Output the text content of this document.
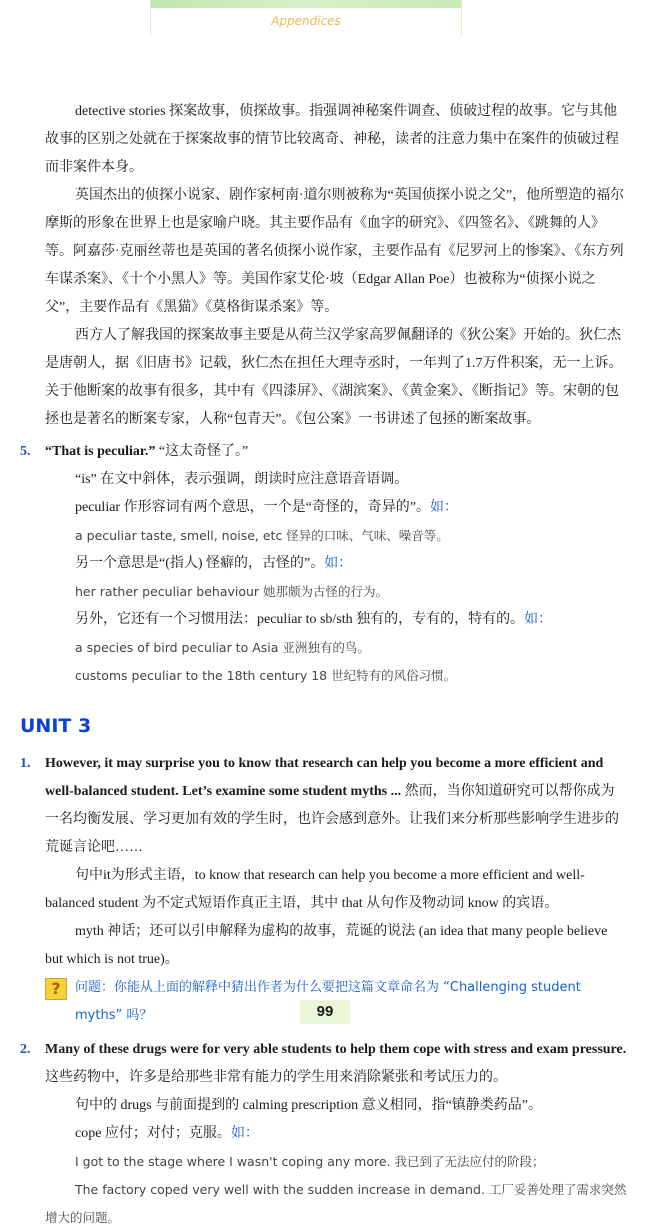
Appendices

detective stories 探案故事，侦探故事。指强调神秘案件调查、侦破过程的故事。它与其他故事的区别之处就在于探案故事的情节比较离奇、神秘，读者的注意力集中在案件的侦破过程而非案件本身。

英国杰出的侦探小说家、剧作家柯南·道尔则被称为“英国侦探小说之父”，他所塑造的福尔摩斯的形象在世界上也是家喻户晓。其主要作品有《血字的研究》、《四签名》、《跳舞的人》等。阿嘉莎·克丽丝蒂也是英国的著名侦探小说作家，主要作品有《尼罗河上的惨案》、《东方列车谋杀案》、《十个小黑人》等。美国作家艾伦·坡（Edgar Allan Poe）也被称为“侦探小说之父”，主要作品有《黑猫》《莫格街谋杀案》等。

西方人了解我国的探案故事主要是从荷兰汉学家高罗佩翻译的《狄公案》开始的。狄仁杰是唐朝人，据《旧唐书》记载，狄仁杰在担任大理寺丞时，一年判了1.7万件积案，无一上诉。关于他断案的故事有很多，其中有《四漆屏》、《湖滨案》、《黄金案》、《断指记》等。宋朝的包拯也是著名的断案专家，人称“包青天”。《包公案》一书讲述了包拯的断案故事。

5. “That is peculiar.” “这太奇怪了。”

“is” 在文中斜体，表示强调，朗读时应注意语音语调。

peculiar 作形容词有两个意思，一个是“奇怪的，奇异的”。如：

a peculiar taste, smell, noise, etc 怪异的口味、气味、噪音等。

另一个意思是“(指人) 怪癖的，古怪的”。如：

her rather peculiar behaviour 她那颇为古怪的行为。

另外，它还有一个习惯用法：peculiar to sb/sth 独有的，专有的，特有的。如：

a species of bird peculiar to Asia 亚洲独有的鸟。

customs peculiar to the 18th century 18 世纪特有的风俗习惯。

UNIT 3
1. However, it may surprise you to know that research can help you become a more efficient and well-balanced student. Let’s examine some student myths ... 然而，当你知道研究可以帮你成为一名均衡发展、学习更加有效的学生时，也许会感到意外。让我们来分析那些影响学生进步的荒诞言论吧……

句中it为形式主语，to know that research can help you become a more efficient and well-balanced student 为不定式短语作真正主语，其中 that 从句作及物动词 know 的宾语。

myth 神话；还可以引申解释为虚构的故事，荒诞的说法 (an idea that many people believe but which is not true)。

?	问题：你能从上面的解释中猜出作者为什么要把这篇文章命名为 “Challenging student myths” 吗？
2. Many of these drugs were for very able students to help them cope with stress and exam pressure.

这些药物中，许多是给那些非常有能力的学生用来消除紧张和考试压力的。

句中的 drugs 与前面提到的 calming prescription 意义相同，指“镇静类药品”。

cope 应付；对付；克服。如：

I got to the stage where I wasn't coping any more. 我已到了无法应付的阶段；

The factory coped very well with the sudden increase in demand. 工厂妥善处理了需求突然增大的问题。

99
